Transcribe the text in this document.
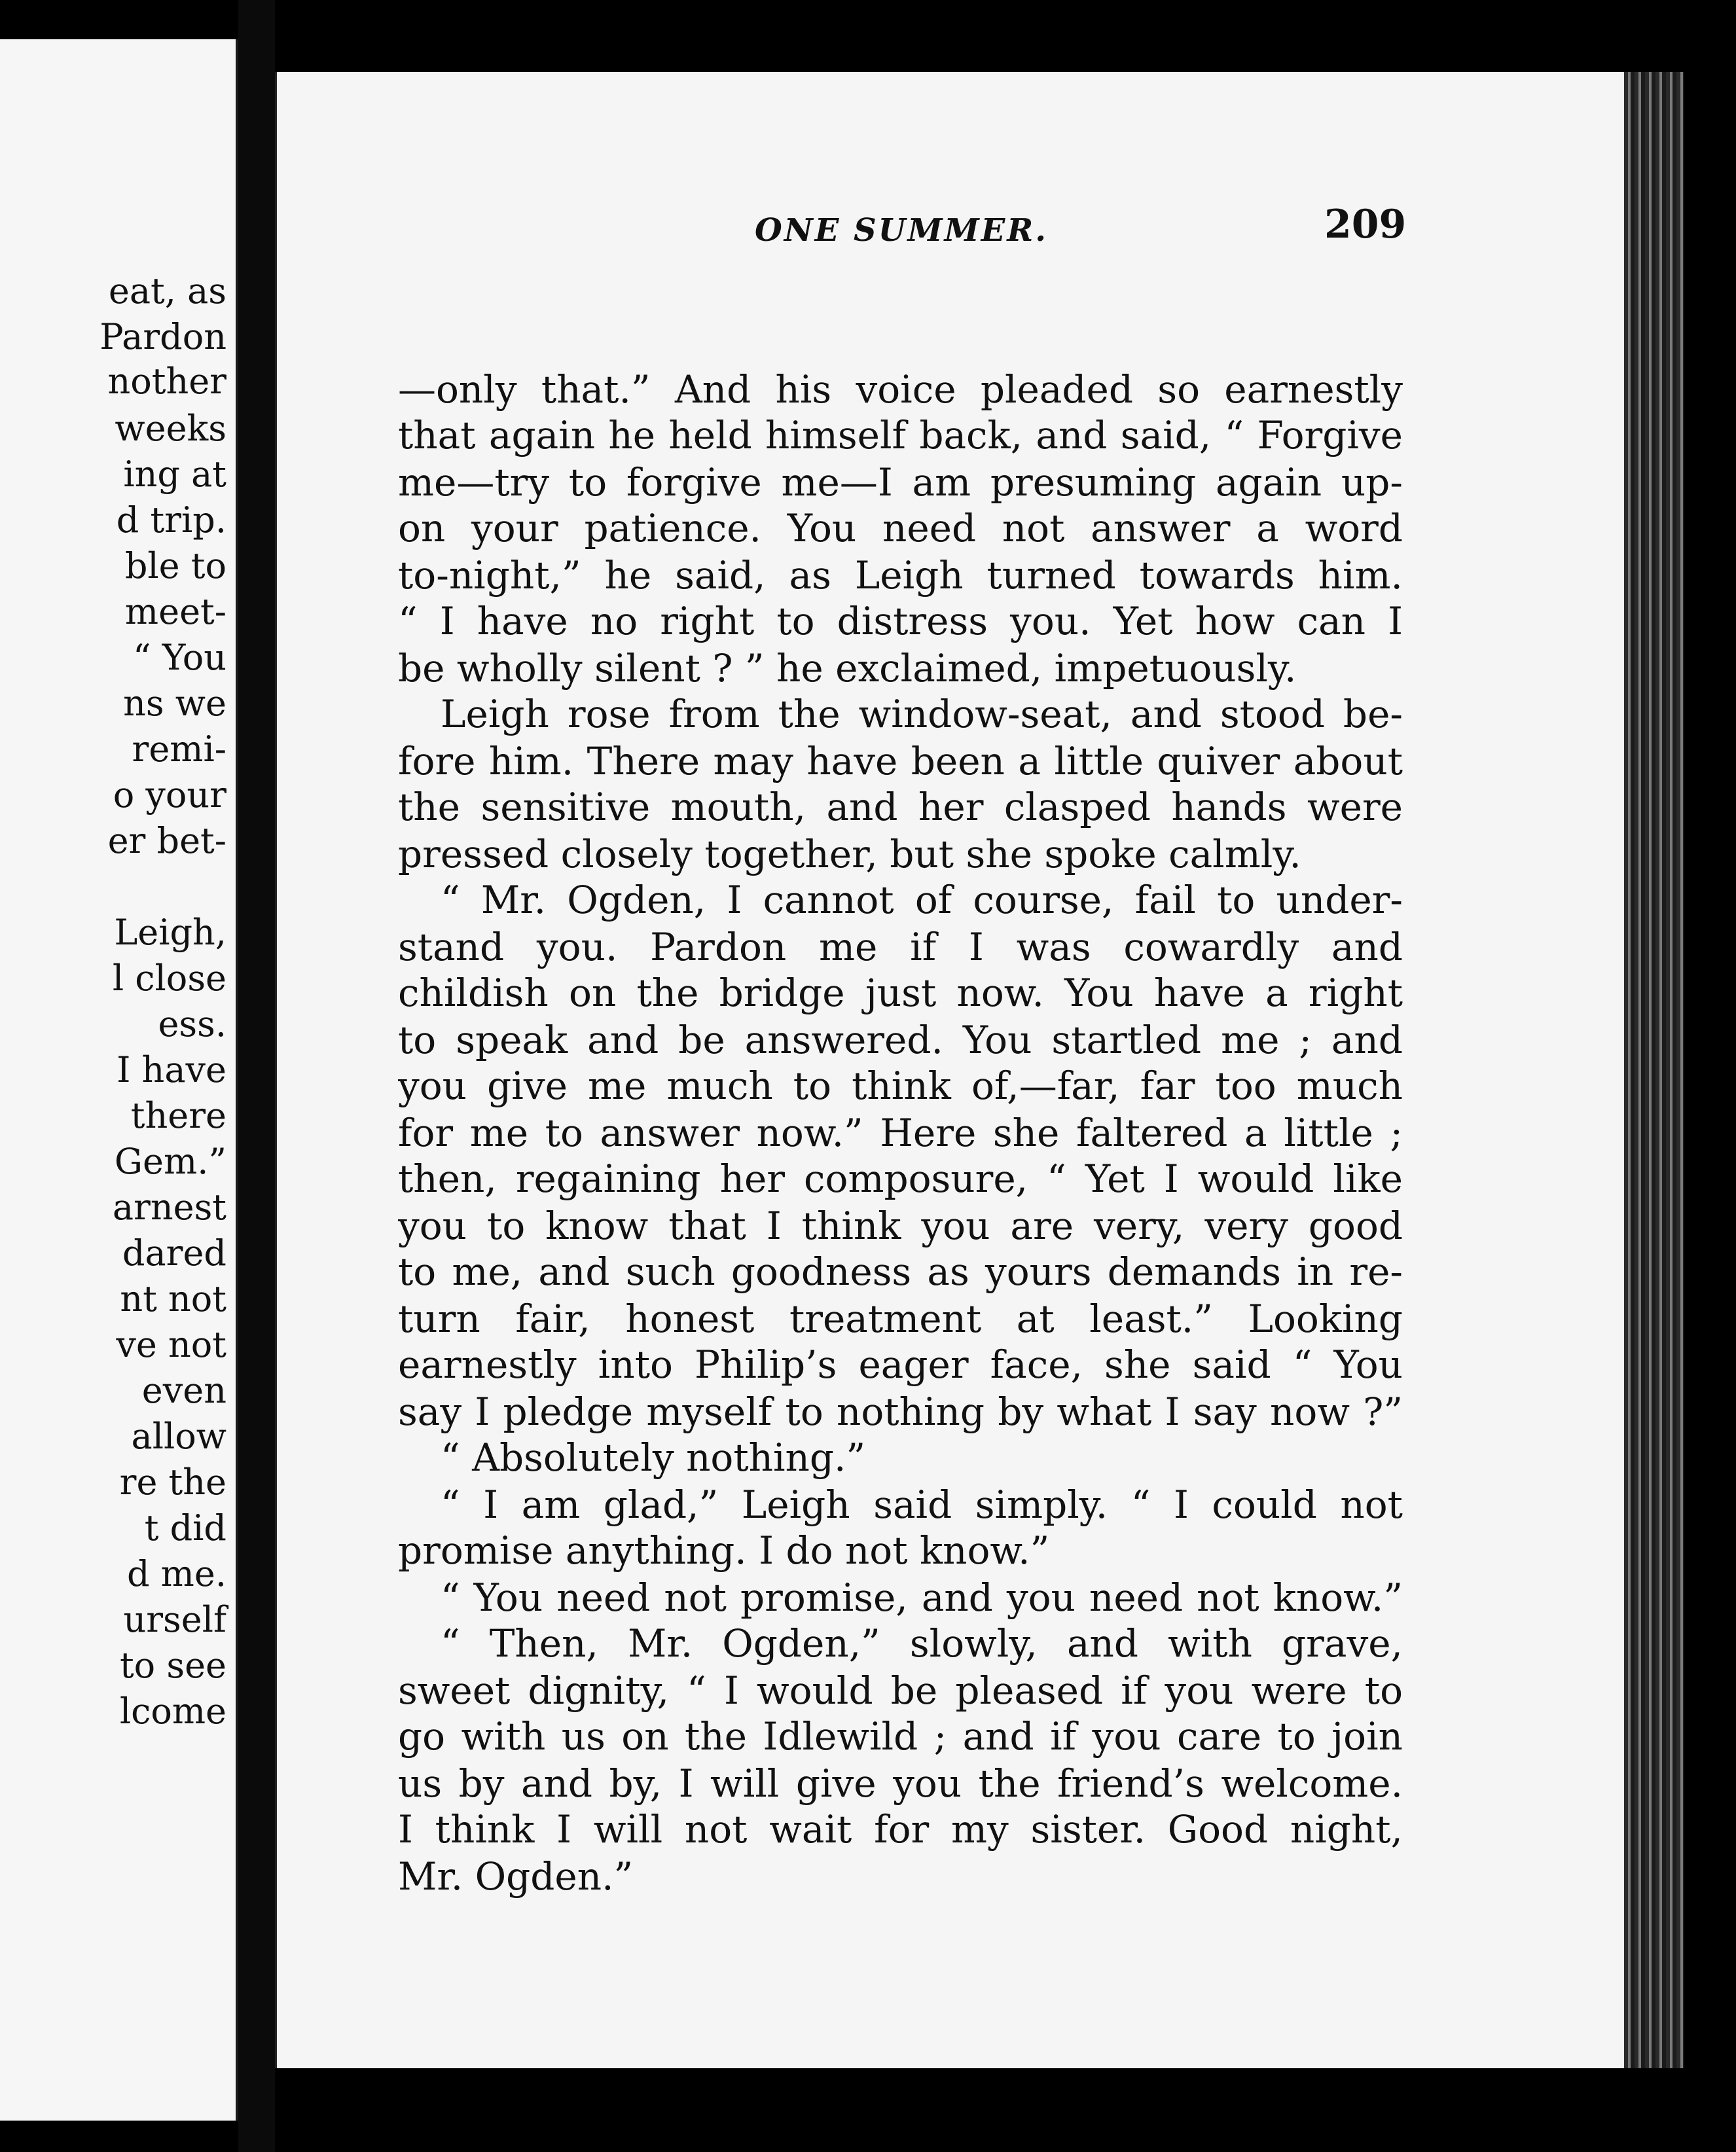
eat, as
Pardon
nother
weeks
ing at
d trip.
ble to
meet-
“ You
ns we
remi-
o your
er bet-
Leigh,
l close
ess.
I have
there
Gem.”
arnest
dared
nt not
ve not
even
allow
re the
t did
d me.
urself
to see
lcome
ONE SUMMER.	209
—only that.” And his voice pleaded so earnestly
that again he held himself back, and said, “ Forgive
me—try to forgive me—I am presuming again up-
on your patience. You need not answer a word
to-night,” he said, as Leigh turned towards him.
“ I have no right to distress you. Yet how can I
be wholly silent ? ” he exclaimed, impetuously.
Leigh rose from the window-seat, and stood be-
fore him. There may have been a little quiver about
the sensitive mouth, and her clasped hands were
pressed closely together, but she spoke calmly.
“ Mr. Ogden, I cannot of course, fail to under-
stand you. Pardon me if I was cowardly and
childish on the bridge just now. You have a right
to speak and be answered. You startled me ; and
you give me much to think of,—far, far too much
for me to answer now.” Here she faltered a little ;
then, regaining her composure, “ Yet I would like
you to know that I think you are very, very good
to me, and such goodness as yours demands in re-
turn fair, honest treatment at least.” Looking
earnestly into Philip’s eager face, she said “ You
say I pledge myself to nothing by what I say now ?”
“ Absolutely nothing.”
“ I am glad,” Leigh said simply. “ I could not
promise anything. I do not know.”
“ You need not promise, and you need not know.”
“ Then, Mr. Ogden,” slowly, and with grave,
sweet dignity, “ I would be pleased if you were to
go with us on the Idlewild ; and if you care to join
us by and by, I will give you the friend’s welcome.
I think I will not wait for my sister. Good night,
Mr. Ogden.”
